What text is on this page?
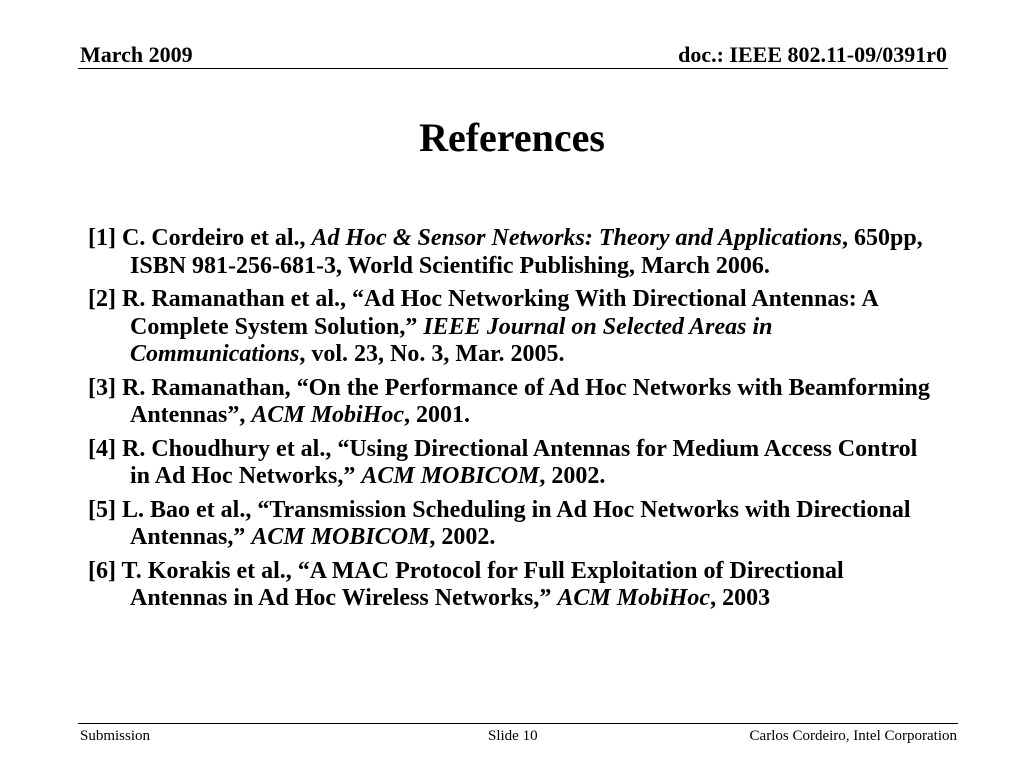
March 2009	doc.: IEEE 802.11-09/0391r0
References
[1] C. Cordeiro et al., Ad Hoc & Sensor Networks: Theory and Applications, 650pp, ISBN 981-256-681-3, World Scientific Publishing, March 2006.
[2] R. Ramanathan et al., “Ad Hoc Networking With Directional Antennas: A Complete System Solution,” IEEE Journal on Selected Areas in Communications, vol. 23, No. 3, Mar. 2005.
[3] R. Ramanathan, “On the Performance of Ad Hoc Networks with Beamforming Antennas”, ACM MobiHoc, 2001.
[4] R. Choudhury et al., “Using Directional Antennas for Medium Access Control in Ad Hoc Networks,” ACM MOBICOM, 2002.
[5] L. Bao et al., “Transmission Scheduling in Ad Hoc Networks with Directional Antennas,” ACM MOBICOM, 2002.
[6] T. Korakis et al., “A MAC Protocol for Full Exploitation of Directional Antennas in Ad Hoc Wireless Networks,” ACM MobiHoc, 2003
Submission	Slide 10	Carlos Cordeiro, Intel Corporation
